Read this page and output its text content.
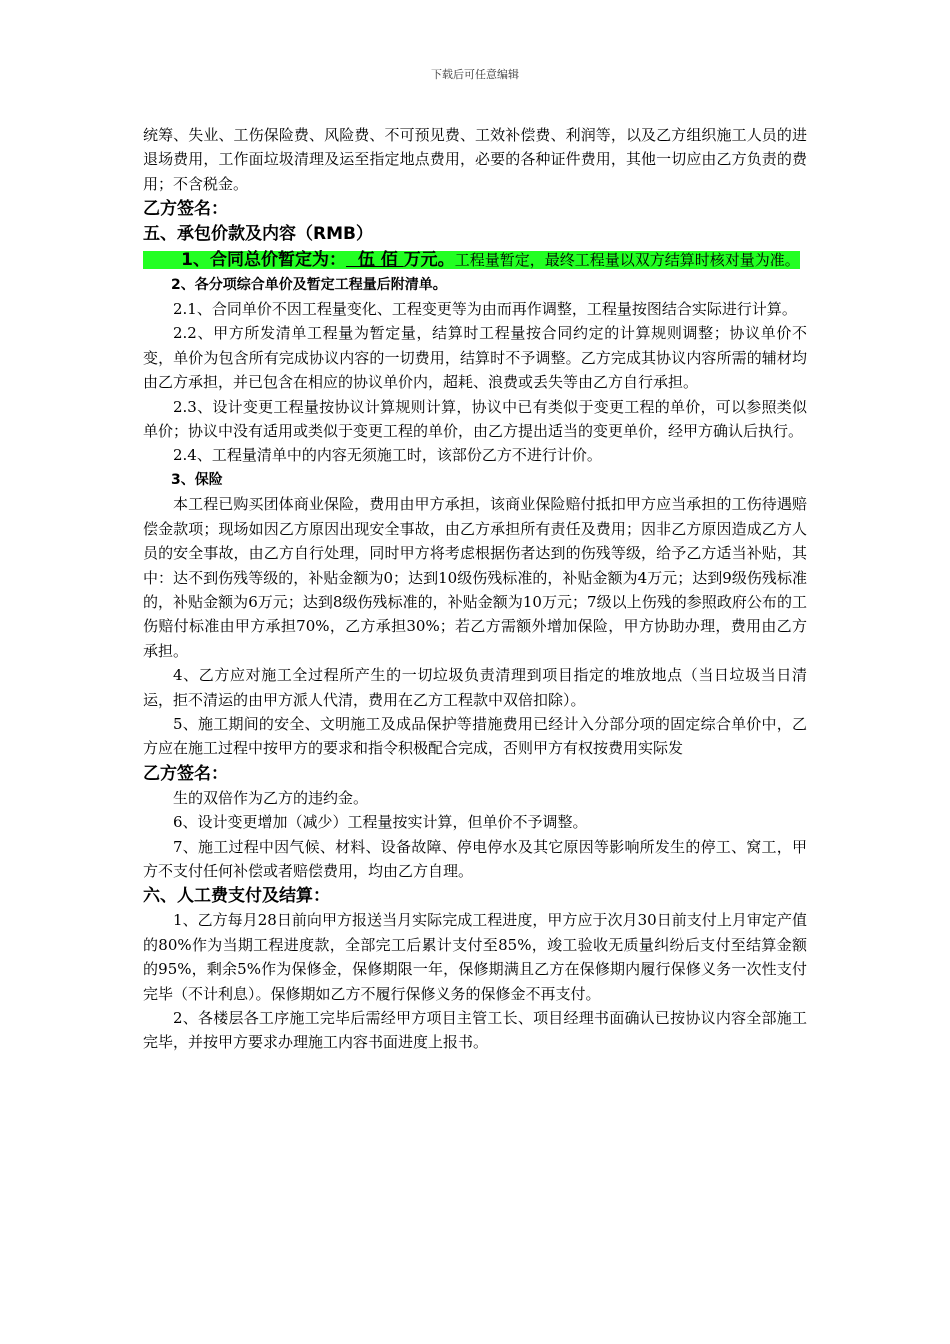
下载后可任意编辑

统筹、失业、工伤保险费、风险费、不可预见费、工效补偿费、利润等，以及乙方组织施工人员的进退场费用，工作面垃圾清理及运至指定地点费用，必要的各种证件费用，其他一切应由乙方负责的费用；不含税金。

乙方签名：
五、承包价款及内容（RMB）

1、合同总价暂定为：  伍 佰 万元。工程量暂定，最终工程量以双方结算时核对量为准。

2、各分项综合单价及暂定工程量后附清单。

2.1、合同单价不因工程量变化、工程变更等为由而再作调整，工程量按图结合实际进行计算。

2.2、甲方所发清单工程量为暂定量，结算时工程量按合同约定的计算规则调整；协议单价不变，单价为包含所有完成协议内容的一切费用，结算时不予调整。乙方完成其协议内容所需的辅材均由乙方承担，并已包含在相应的协议单价内，超耗、浪费或丢失等由乙方自行承担。

2.3、设计变更工程量按协议计算规则计算，协议中已有类似于变更工程的单价，可以参照类似单价；协议中没有适用或类似于变更工程的单价，由乙方提出适当的变更单价，经甲方确认后执行。

2.4、工程量清单中的内容无须施工时，该部份乙方不进行计价。

3、保险

本工程已购买团体商业保险，费用由甲方承担，该商业保险赔付抵扣甲方应当承担的工伤待遇赔偿金款项；现场如因乙方原因出现安全事故，由乙方承担所有责任及费用；因非乙方原因造成乙方人员的安全事故，由乙方自行处理，同时甲方将考虑根据伤者达到的伤残等级，给予乙方适当补贴，其中：达不到伤残等级的，补贴金额为0；达到10级伤残标准的，补贴金额为4万元；达到9级伤残标准的，补贴金额为6万元；达到8级伤残标准的，补贴金额为10万元；7级以上伤残的参照政府公布的工伤赔付标准由甲方承担70%，乙方承担30%；若乙方需额外增加保险，甲方协助办理，费用由乙方承担。

4、乙方应对施工全过程所产生的一切垃圾负责清理到项目指定的堆放地点（当日垃圾当日清运，拒不清运的由甲方派人代清，费用在乙方工程款中双倍扣除）。

5、施工期间的安全、文明施工及成品保护等措施费用已经计入分部分项的固定综合单价中，乙方应在施工过程中按甲方的要求和指令积极配合完成，否则甲方有权按费用实际发

乙方签名：

生的双倍作为乙方的违约金。

6、设计变更增加（减少）工程量按实计算，但单价不予调整。

7、施工过程中因气候、材料、设备故障、停电停水及其它原因等影响所发生的停工、窝工，甲方不支付任何补偿或者赔偿费用，均由乙方自理。

六、人工费支付及结算：

1、乙方每月28日前向甲方报送当月实际完成工程进度，甲方应于次月30日前支付上月审定产值的80%作为当期工程进度款，全部完工后累计支付至85%，竣工验收无质量纠纷后支付至结算金额的95%，剩余5%作为保修金，保修期限一年，保修期满且乙方在保修期内履行保修义务一次性支付完毕（不计利息）。保修期如乙方不履行保修义务的保修金不再支付。

2、各楼层各工序施工完毕后需经甲方项目主管工长、项目经理书面确认已按协议内容全部施工完毕，并按甲方要求办理施工内容书面进度上报书。
